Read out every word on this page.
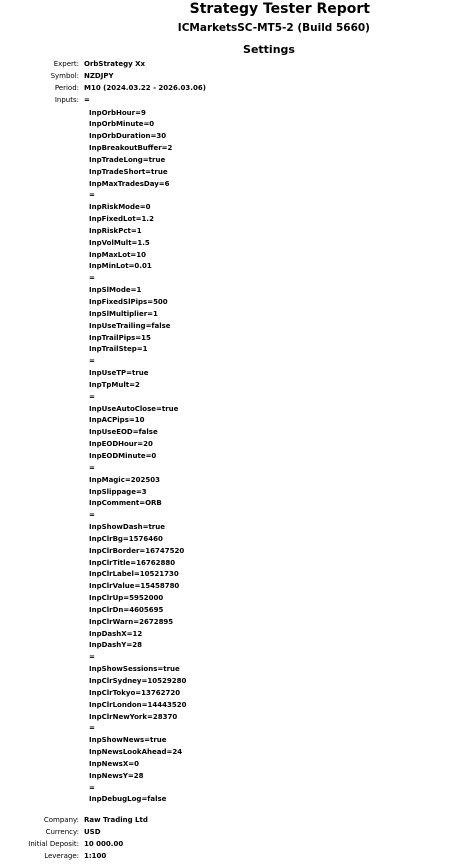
Strategy Tester Report
ICMarketsSC-MT5-2 (Build 5660)
Settings
Expert: OrbStrategy Xx
Symbol: NZDJPY
Period: M10 (2024.03.22 - 2026.03.06)
Inputs: =
InpOrbHour=9
InpOrbMinute=0
InpOrbDuration=30
InpBreakoutBuffer=2
InpTradeLong=true
InpTradeShort=true
InpMaxTradesDay=6
=
InpRiskMode=0
InpFixedLot=1.2
InpRiskPct=1
InpVolMult=1.5
InpMaxLot=10
InpMinLot=0.01
=
InpSlMode=1
InpFixedSlPips=500
InpSlMultiplier=1
InpUseTrailing=false
InpTrailPips=15
InpTrailStep=1
=
InpUseTP=true
InpTpMult=2
=
InpUseAutoClose=true
InpACPips=10
InpUseEOD=false
InpEODHour=20
InpEODMinute=0
=
InpMagic=202503
InpSlippage=3
InpComment=ORB
=
InpShowDash=true
InpClrBg=1576460
InpClrBorder=16747520
InpClrTitle=16762880
InpClrLabel=10521730
InpClrValue=15458780
InpClrUp=5952000
InpClrDn=4605695
InpClrWarn=2672895
InpDashX=12
InpDashY=28
=
InpShowSessions=true
InpClrSydney=10529280
InpClrTokyo=13762720
InpClrLondon=14443520
InpClrNewYork=28370
=
InpShowNews=true
InpNewsLookAhead=24
InpNewsX=0
InpNewsY=28
=
InpDebugLog=false
Company: Raw Trading Ltd
Currency: USD
Initial Deposit: 10 000.00
Leverage: 1:100
